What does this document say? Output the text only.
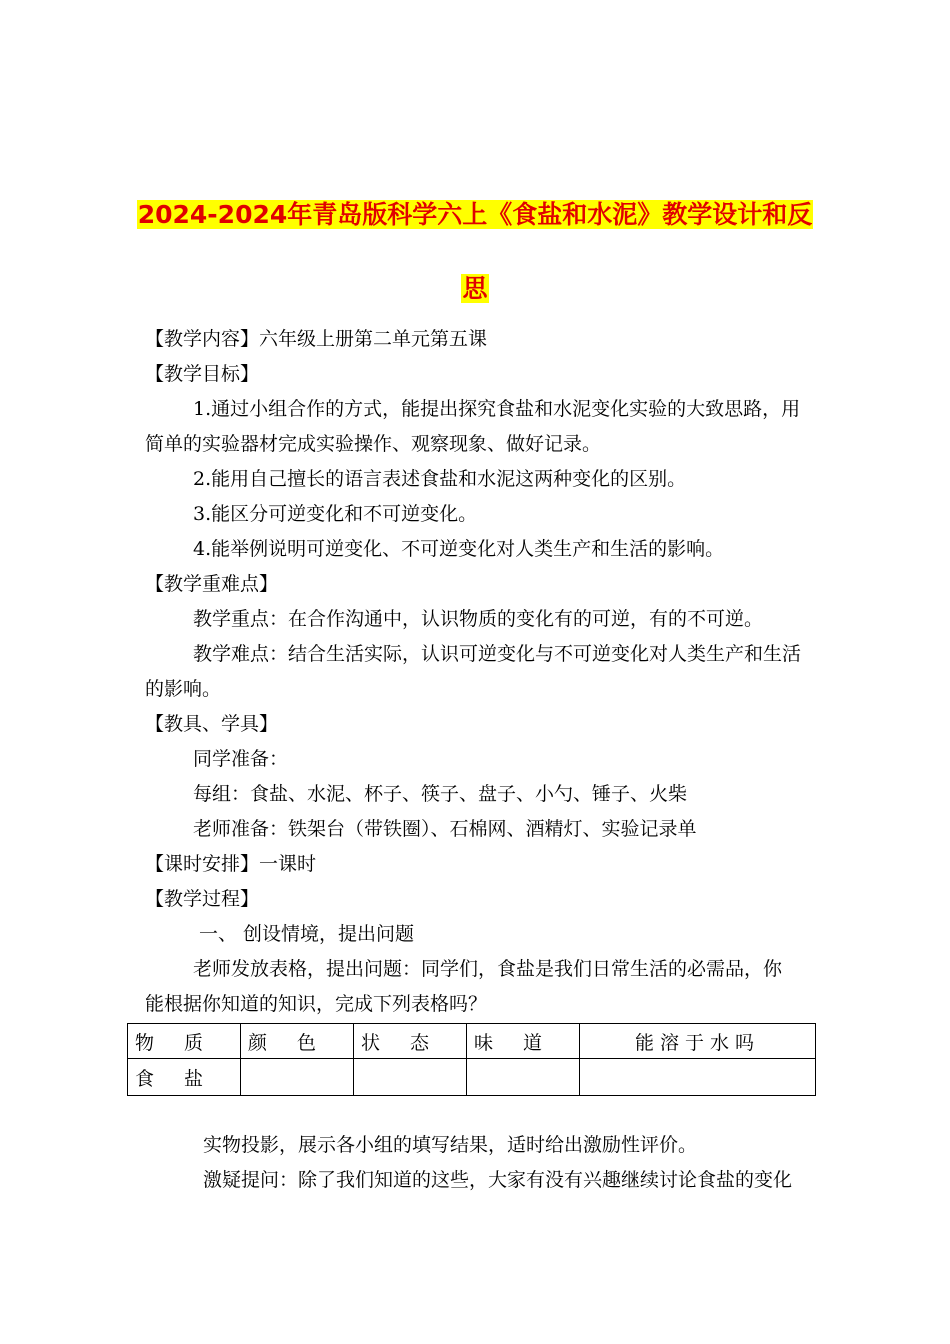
2024-2024年青岛版科学六上《食盐和水泥》教学设计和反
思
【教学内容】六年级上册第二单元第五课
【教学目标】
1.通过小组合作的方式，能提出探究食盐和水泥变化实验的大致思路，用
简单的实验器材完成实验操作、观察现象、做好记录。
2.能用自己擅长的语言表述食盐和水泥这两种变化的区别。
3.能区分可逆变化和不可逆变化。
4.能举例说明可逆变化、不可逆变化对人类生产和生活的影响。
【教学重难点】
教学重点：在合作沟通中，认识物质的变化有的可逆，有的不可逆。
教学难点：结合生活实际，认识可逆变化与不可逆变化对人类生产和生活
的影响。
【教具、学具】
同学准备：
每组：食盐、水泥、杯子、筷子、盘子、小勺、锤子、火柴
老师准备：铁架台（带铁圈）、石棉网、酒精灯、实验记录单
【课时安排】一课时
【教学过程】
一、 创设情境，提出问题
老师发放表格，提出问题：同学们，食盐是我们日常生活的必需品，你
能根据你知道的知识，完成下列表格吗？
物质	颜色	状态	味道	能溶于水吗
食盐				
实物投影，展示各小组的填写结果，适时给出激励性评价。
激疑提问：除了我们知道的这些，大家有没有兴趣继续讨论食盐的变化
